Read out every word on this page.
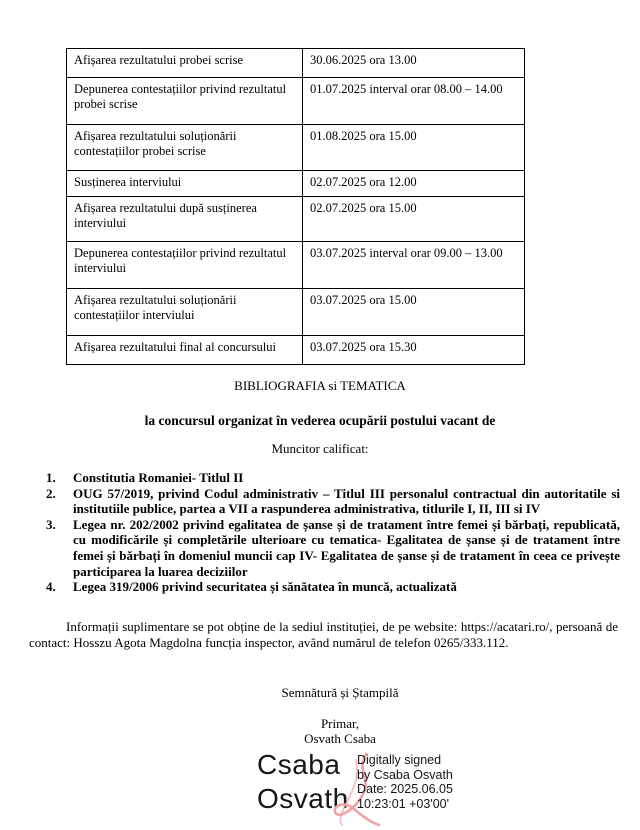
Afișarea rezultatului probei scrise	30.06.2025 ora 13.00
Depunerea contestațiilor privind rezultatul probei scrise	01.07.2025 interval orar 08.00 – 14.00
Afișarea rezultatului soluționării contestațiilor probei scrise	01.08.2025 ora 15.00
Susținerea interviului	02.07.2025 ora 12.00
Afișarea rezultatului după susținerea interviului	02.07.2025 ora 15.00
Depunerea contestațiilor privind rezultatul interviului	03.07.2025 interval orar 09.00 – 13.00
Afișarea rezultatului soluționării contestațiilor interviului	03.07.2025 ora 15.00
Afișarea rezultatului final al concursului	03.07.2025 ora 15.30
BIBLIOGRAFIA si TEMATICA
la concursul organizat în vederea ocupării postului vacant de
Muncitor calificat:
1.	Constitutia Romaniei- Titlul II
2.	OUG 57/2019, privind Codul administrativ – Titlul III personalul contractual din autoritatile si institutiile publice, partea a VII a raspunderea administrativa, titlurile I, II, III si IV
3.	Legea nr. 202/2002 privind egalitatea de șanse și de tratament între femei și bărbați, republicată, cu modificările și completările ulterioare cu tematica- Egalitatea de șanse și de tratament între femei și bărbați în domeniul muncii cap IV- Egalitatea de șanse și de tratament în ceea ce privește participarea la luarea deciziilor
4.	Legea 319/2006 privind securitatea și sănătatea în muncă, actualizată
Informații suplimentare se pot obține de la sediul instituției, de pe website: https://acatari.ro/, persoană de contact: Hosszu Agota Magdolna funcția inspector, având numărul de telefon 0265/333.112.
Semnătură și Ștampilă
Primar,
Osvath Csaba
Csaba
Osvath
Digitally signed
by Csaba Osvath
Date: 2025.06.05
10:23:01 +03'00'
